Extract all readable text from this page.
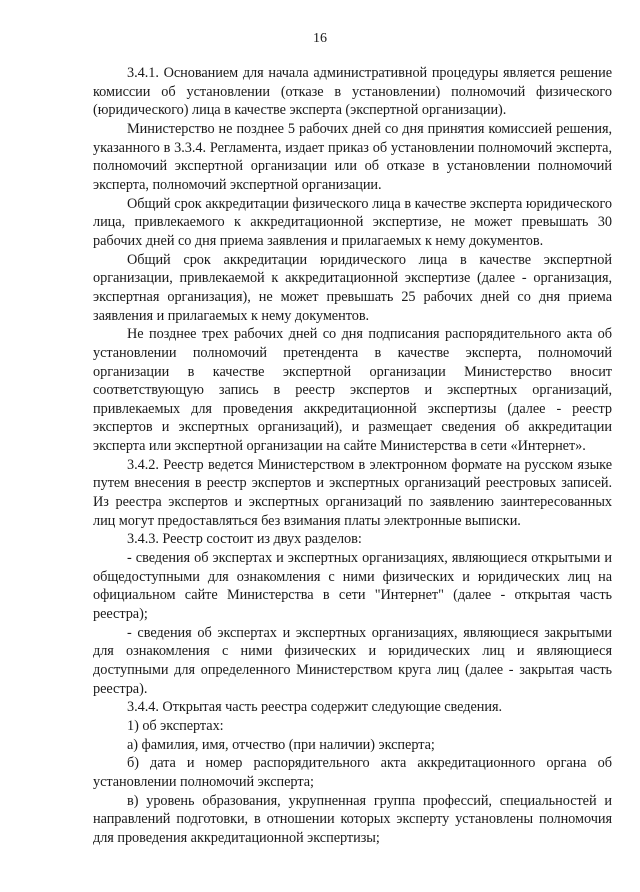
16

3.4.1. Основанием для начала административной процедуры является решение комиссии об установлении (отказе в установлении) полномочий физического (юридического) лица в качестве эксперта (экспертной организации).

Министерство не позднее 5 рабочих дней со дня принятия комиссией решения, указанного в 3.3.4. Регламента, издает приказ об установлении полномочий эксперта, полномочий экспертной организации или об отказе в установлении полномочий эксперта, полномочий экспертной организации.

Общий срок аккредитации физического лица в качестве эксперта юридического лица, привлекаемого к аккредитационной экспертизе, не может превышать 30 рабочих дней со дня приема заявления и прилагаемых к нему документов.

Общий срок аккредитации юридического лица в качестве экспертной организации, привлекаемой к аккредитационной экспертизе (далее - организация, экспертная организация), не может превышать 25 рабочих дней со дня приема заявления и прилагаемых к нему документов.

Не позднее трех рабочих дней со дня подписания распорядительного акта об установлении полномочий претендента в качестве эксперта, полномочий организации в качестве экспертной организации Министерство вносит соответствующую запись в реестр экспертов и экспертных организаций, привлекаемых для проведения аккредитационной экспертизы (далее - реестр экспертов и экспертных организаций), и размещает сведения об аккредитации эксперта или экспертной организации на сайте Министерства в сети «Интернет».

3.4.2. Реестр ведется Министерством в электронном формате на русском языке путем внесения в реестр экспертов и экспертных организаций реестровых записей. Из реестра экспертов и экспертных организаций по заявлению заинтересованных лиц могут предоставляться без взимания платы электронные выписки.

3.4.3. Реестр состоит из двух разделов:

- сведения об экспертах и экспертных организациях, являющиеся открытыми и общедоступными для ознакомления с ними физических и юридических лиц на официальном сайте Министерства в сети "Интернет" (далее - открытая часть реестра);

- сведения об экспертах и экспертных организациях, являющиеся закрытыми для ознакомления с ними физических и юридических лиц и являющиеся доступными для определенного Министерством круга лиц (далее - закрытая часть реестра).

3.4.4. Открытая часть реестра содержит следующие сведения.

1) об экспертах:

а) фамилия, имя, отчество (при наличии) эксперта;

б) дата и номер распорядительного акта аккредитационного органа об установлении полномочий эксперта;

в) уровень образования, укрупненная группа профессий, специальностей и направлений подготовки, в отношении которых эксперту установлены полномочия для проведения аккредитационной экспертизы;
